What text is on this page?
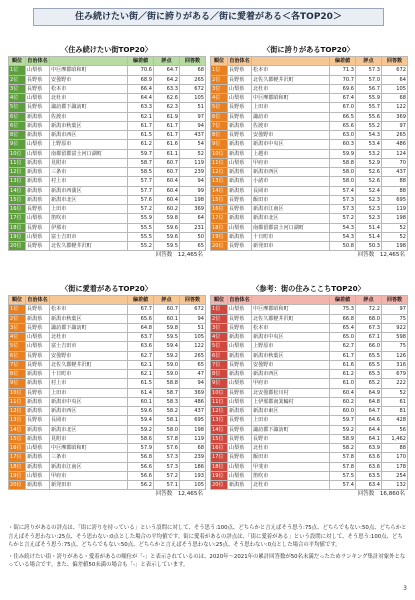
住み続けたい街／街に誇りがある／街に愛着がある＜各TOP20＞
〈住み続けたい街TOP20〉
順位	自治体名		偏差値	評点	回答数
1位	山梨県	中巨摩郡昭和町	70.6	64.7	68
2位	長野県	安曇野市	68.9	64.2	265
3位	長野県	松本市	66.4	63.3	672
4位	山梨県	北杜市	64.4	62.6	105
5位	長野県	諏訪郡下諏訪町	63.3	62.3	51
6位	新潟県	佐渡市	62.1	61.9	97
6位	新潟県	新潟市秋葉区	61.7	61.7	94
8位	新潟県	新潟市西区	61.5	61.7	437
9位	山梨県	上野原市	61.2	61.6	54
10位	山梨県	南都留郡富士河口湖町	59.7	61.1	52
11位	新潟県	見附市	58.7	60.7	119
12位	新潟県	三条市	58.5	60.7	239
13位	新潟県	村上市	57.7	60.4	94
14位	新潟県	新潟市西蒲区	57.7	60.4	99
15位	新潟県	新潟市北区	57.6	60.4	198
16位	長野県	上田市	57.2	60.2	369
17位	山梨県	笛吹市	55.9	59.8	64
18位	長野県	伊那市	55.5	59.6	231
19位	山梨県	富士吉田市	55.5	59.6	50
20位	長野県	北佐久郡軽井沢町	55.2	59.5	65
回答数　12,465名
〈街に誇りがあるTOP20〉
順位	自治体名		偏差値	評点	回答数
1位	長野県	松本市	71.3	57.3	672
2位	長野県	北佐久郡軽井沢町	70.7	57.0	64
3位	山梨県	北杜市	69.6	56.7	105
4位	山梨県	中巨摩郡昭和町	67.4	55.9	68
5位	長野県	上田市	67.0	55.7	122
6位	長野県	諏訪市	66.5	55.6	369
7位	新潟県	佐渡市	65.6	55.2	97
8位	長野県	安曇野市	63.0	54.3	265
9位	新潟県	新潟市中央区	60.3	53.4	486
10位	新潟県	上越市	59.9	53.2	124
11位	山梨県	甲府市	58.8	52.9	70
12位	新潟県	新潟市西区	58.0	52.6	437
13位	新潟県	小諸市	58.0	52.6	88
14位	新潟県	長岡市	57.4	52.4	88
15位	長野県	飯田市	57.3	52.3	695
16位	長野県	新潟市江南区	57.3	52.3	119
17位	新潟県	新潟市北区	57.2	52.3	198
18位	山梨県	南都留郡富士河口湖町	54.3	51.4	52
19位	新潟県	十日町市	54.3	51.4	52
20位	長野県	新発田市	50.8	50.3	198
回答数　12,465名
〈街に愛着があるTOP20〉
順位	自治体名		偏差値	評点	回答数
1位	長野県	松本市	67.7	60.7	672
2位	新潟県	新潟市秋葉区	65.6	60.1	94
3位	長野県	諏訪郡下諏訪町	64.8	59.8	51
4位	山梨県	北杜市	63.7	59.5	105
5位	山梨県	富士吉田市	63.6	59.4	122
6位	長野県	安曇野市	62.7	59.2	265
7位	長野県	北佐久郡軽井沢町	62.1	59.0	65
8位	新潟県	十日町市	62.1	59.0	47
9位	新潟県	村上市	61.5	58.8	94
10位	長野県	上田市	61.4	58.7	369
11位	新潟県	新潟市中央区	60.1	58.3	486
12位	新潟県	新潟市西区	59.6	58.2	437
13位	長野県	長岡市	59.4	58.1	695
14位	新潟県	新潟市北区	59.2	58.0	198
15位	新潟県	見附市	58.6	57.8	119
16位	山梨県	中巨摩郡昭和町	57.9	57.6	68
17位	新潟県	三条市	56.8	57.3	239
18位	新潟県	新潟市江南区	56.6	57.3	186
19位	山梨県	甲府市	56.6	57.2	193
20位	新潟県	新発田市	56.2	57.1	105
回答数　12,465名
〈参考：街の住みここちTOP20〉
順位	自治体名		偏差値	評点	回答数
1位	山梨県	中巨摩郡昭和町	75.3	72.2	97
2位	長野県	北佐久郡軽井沢町	66.8	68.0	75
3位	長野県	松本市	65.4	67.3	922
4位	新潟県	新潟市中央区	65.0	67.1	598
5位	山梨県	上野原市	62.7	66.0	75
6位	新潟県	新潟市秋葉区	61.7	65.5	126
7位	長野県	安曇野市	61.6	65.5	316
8位	新潟県	新潟市西区	61.2	65.3	679
9位	山梨県	甲府市	61.0	65.2	222
10位	長野県	北安曇郡松川村	60.4	64.9	52
11位	山梨県	上伊那郡南箕輪村	60.2	64.8	61
12位	新潟県	新潟市東区	60.0	64.7	81
13位	長野県	上田市	59.7	64.6	428
14位	長野県	諏訪郡下諏訪町	59.2	64.4	56
15位	長野県	長野市	58.9	64.1	1,462
16位	山梨県	北杜市	58.2	63.9	88
17位	長野県	飯田市	57.8	63.6	170
18位	山梨県	甲斐市	57.8	63.6	178
19位	山梨県	笛吹市	57.5	63.5	254
20位	新潟県	北杜市	57.4	63.4	132
回答数　16,860名

・街に誇りがあるの評点は、「街に誇りを持っている」という設問に対して、そう思う:100点、どちらかと言えばそう思う:75点、どちらでもない:50点、どちらかと言えばそう思わない:25点、そう思わない:0点とした場合の平均値です。街に愛着があるの評点は、「街に愛着がある」という設問に対して、そう思う:100点、どちらかと言えばそう思う:75点、どちらでもない:50点、どちらかと言えばそう思わない:25点、そう思わない:0点とした場合の平均値です。

・住み続けたい街・誇りがある・愛着があるの順位が「-」と表示されているのは、2020年〜2021年の累計回答数が50名未満だったためランキング集計対象外となっている場合です。また、偏差値50未満の場合も「-」と表示しています。

3
